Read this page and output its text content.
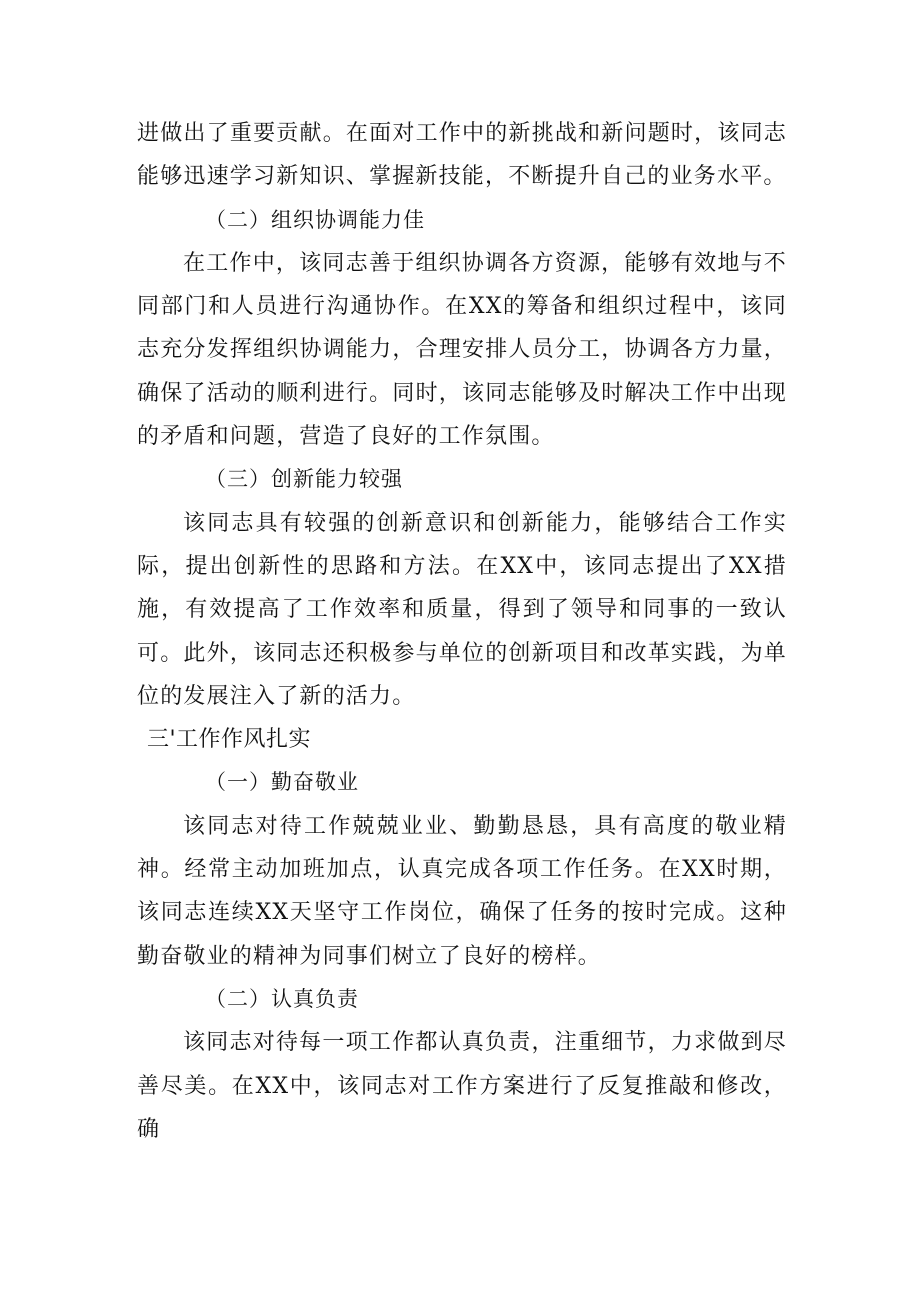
进做出了重要贡献。在面对工作中的新挑战和新问题时，该同志能够迅速学习新知识、掌握新技能，不断提升自己的业务水平。

（二）组织协调能力佳

在工作中，该同志善于组织协调各方资源，能够有效地与不同部门和人员进行沟通协作。在XX的筹备和组织过程中，该同志充分发挥组织协调能力，合理安排人员分工，协调各方力量，确保了活动的顺利进行。同时，该同志能够及时解决工作中出现的矛盾和问题，营造了良好的工作氛围。

（三）创新能力较强

该同志具有较强的创新意识和创新能力，能够结合工作实际，提出创新性的思路和方法。在XX中，该同志提出了XX措施，有效提高了工作效率和质量，得到了领导和同事的一致认可。此外，该同志还积极参与单位的创新项目和改革实践，为单位的发展注入了新的活力。

三'工作作风扎实

（一）勤奋敬业

该同志对待工作兢兢业业、勤勤恳恳，具有高度的敬业精神。经常主动加班加点，认真完成各项工作任务。在XX时期，该同志连续XX天坚守工作岗位，确保了任务的按时完成。这种勤奋敬业的精神为同事们树立了良好的榜样。

（二）认真负责

该同志对待每一项工作都认真负责，注重细节，力求做到尽善尽美。在XX中，该同志对工作方案进行了反复推敲和修改，确
